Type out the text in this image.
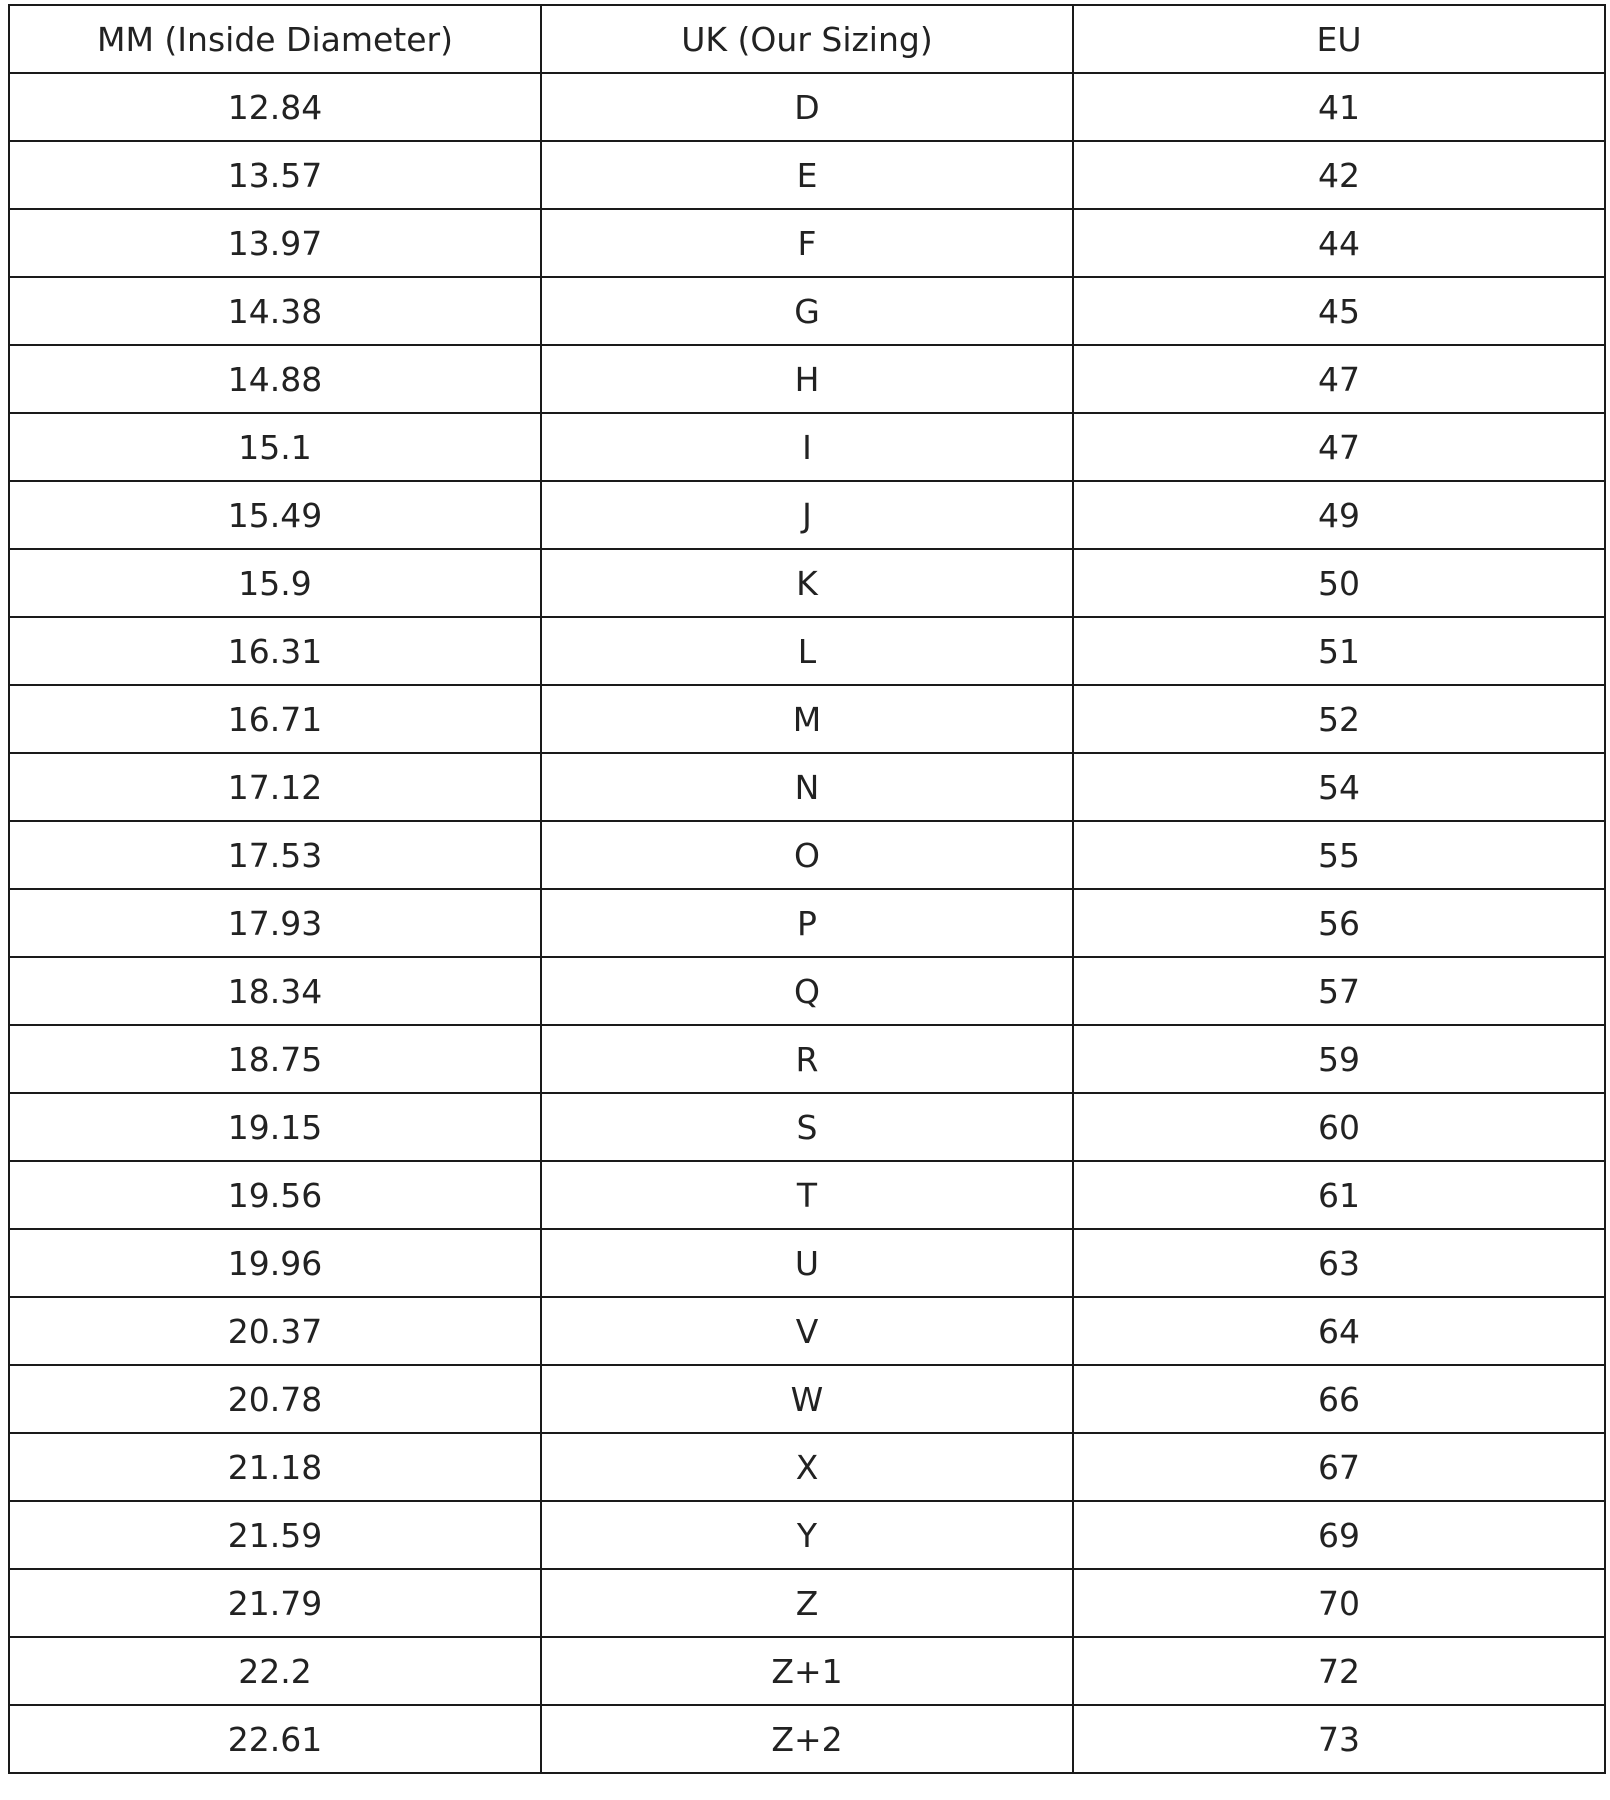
MM (Inside Diameter)	UK (Our Sizing)	EU
12.84	D	41
13.57	E	42
13.97	F	44
14.38	G	45
14.88	H	47
15.1	I	47
15.49	J	49
15.9	K	50
16.31	L	51
16.71	M	52
17.12	N	54
17.53	O	55
17.93	P	56
18.34	Q	57
18.75	R	59
19.15	S	60
19.56	T	61
19.96	U	63
20.37	V	64
20.78	W	66
21.18	X	67
21.59	Y	69
21.79	Z	70
22.2	Z+1	72
22.61	Z+2	73
